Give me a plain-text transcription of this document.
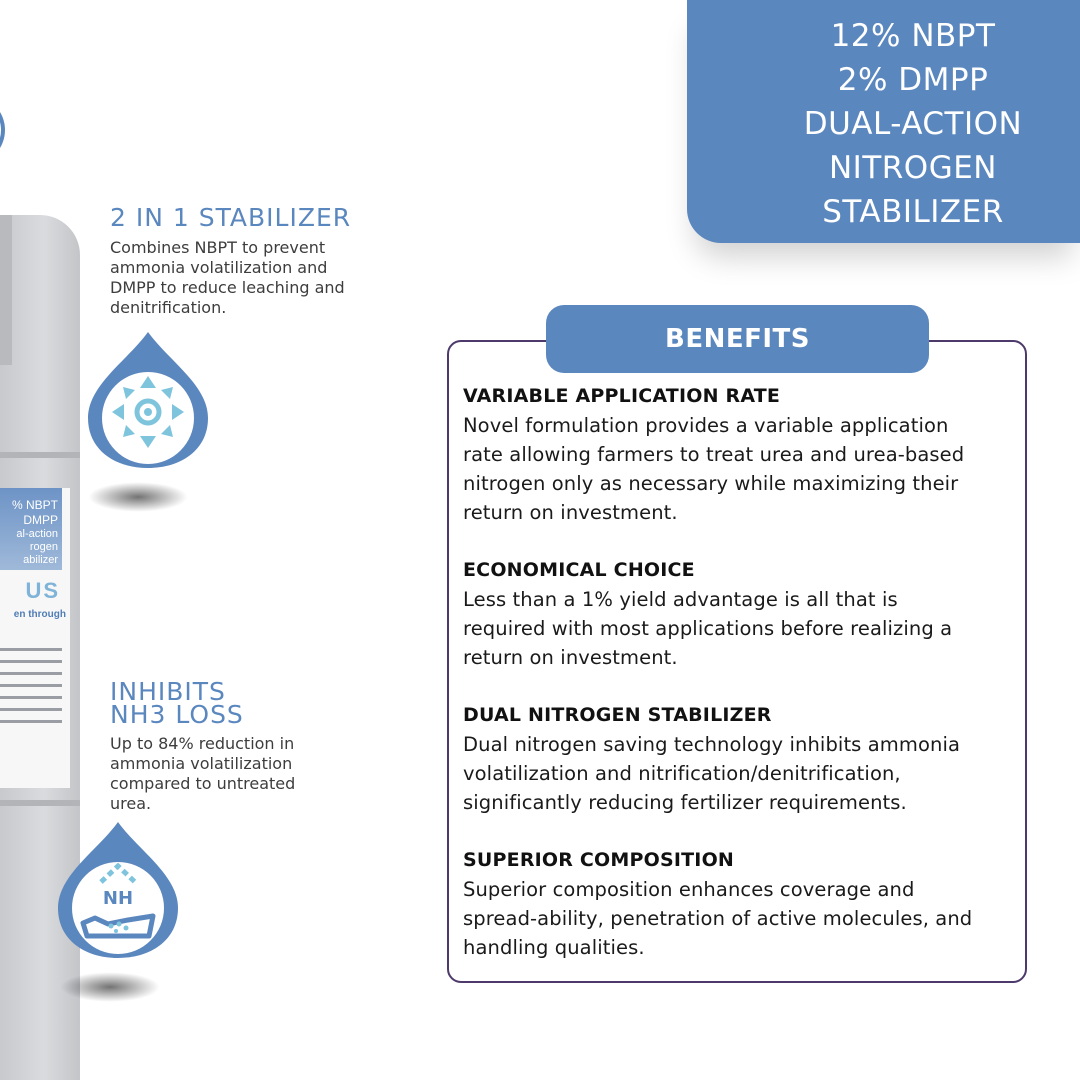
% NBPT
DMPP
al-action
rogen
abilizer
US
en through
NH
2 IN 1 STABILIZER
Combines NBPT to prevent
ammonia volatilization and
DMPP to reduce leaching and
denitrification.
INHIBITS
NH3 LOSS
Up to 84% reduction in
ammonia volatilization
compared to untreated
urea.
12% NBPT
2% DMPP
DUAL-ACTION
NITROGEN
STABILIZER
BENEFITS
VARIABLE APPLICATION RATE
Novel formulation provides a variable application
rate allowing farmers to treat urea and urea-based
nitrogen only as necessary while maximizing their
return on investment.
ECONOMICAL CHOICE
Less than a 1% yield advantage is all that is
required with most applications before realizing a
return on investment.
DUAL NITROGEN STABILIZER
Dual nitrogen saving technology inhibits ammonia
volatilization and nitrification/denitrification,
significantly reducing fertilizer requirements.
SUPERIOR COMPOSITION
Superior composition enhances coverage and
spread-ability, penetration of active molecules, and
handling qualities.
